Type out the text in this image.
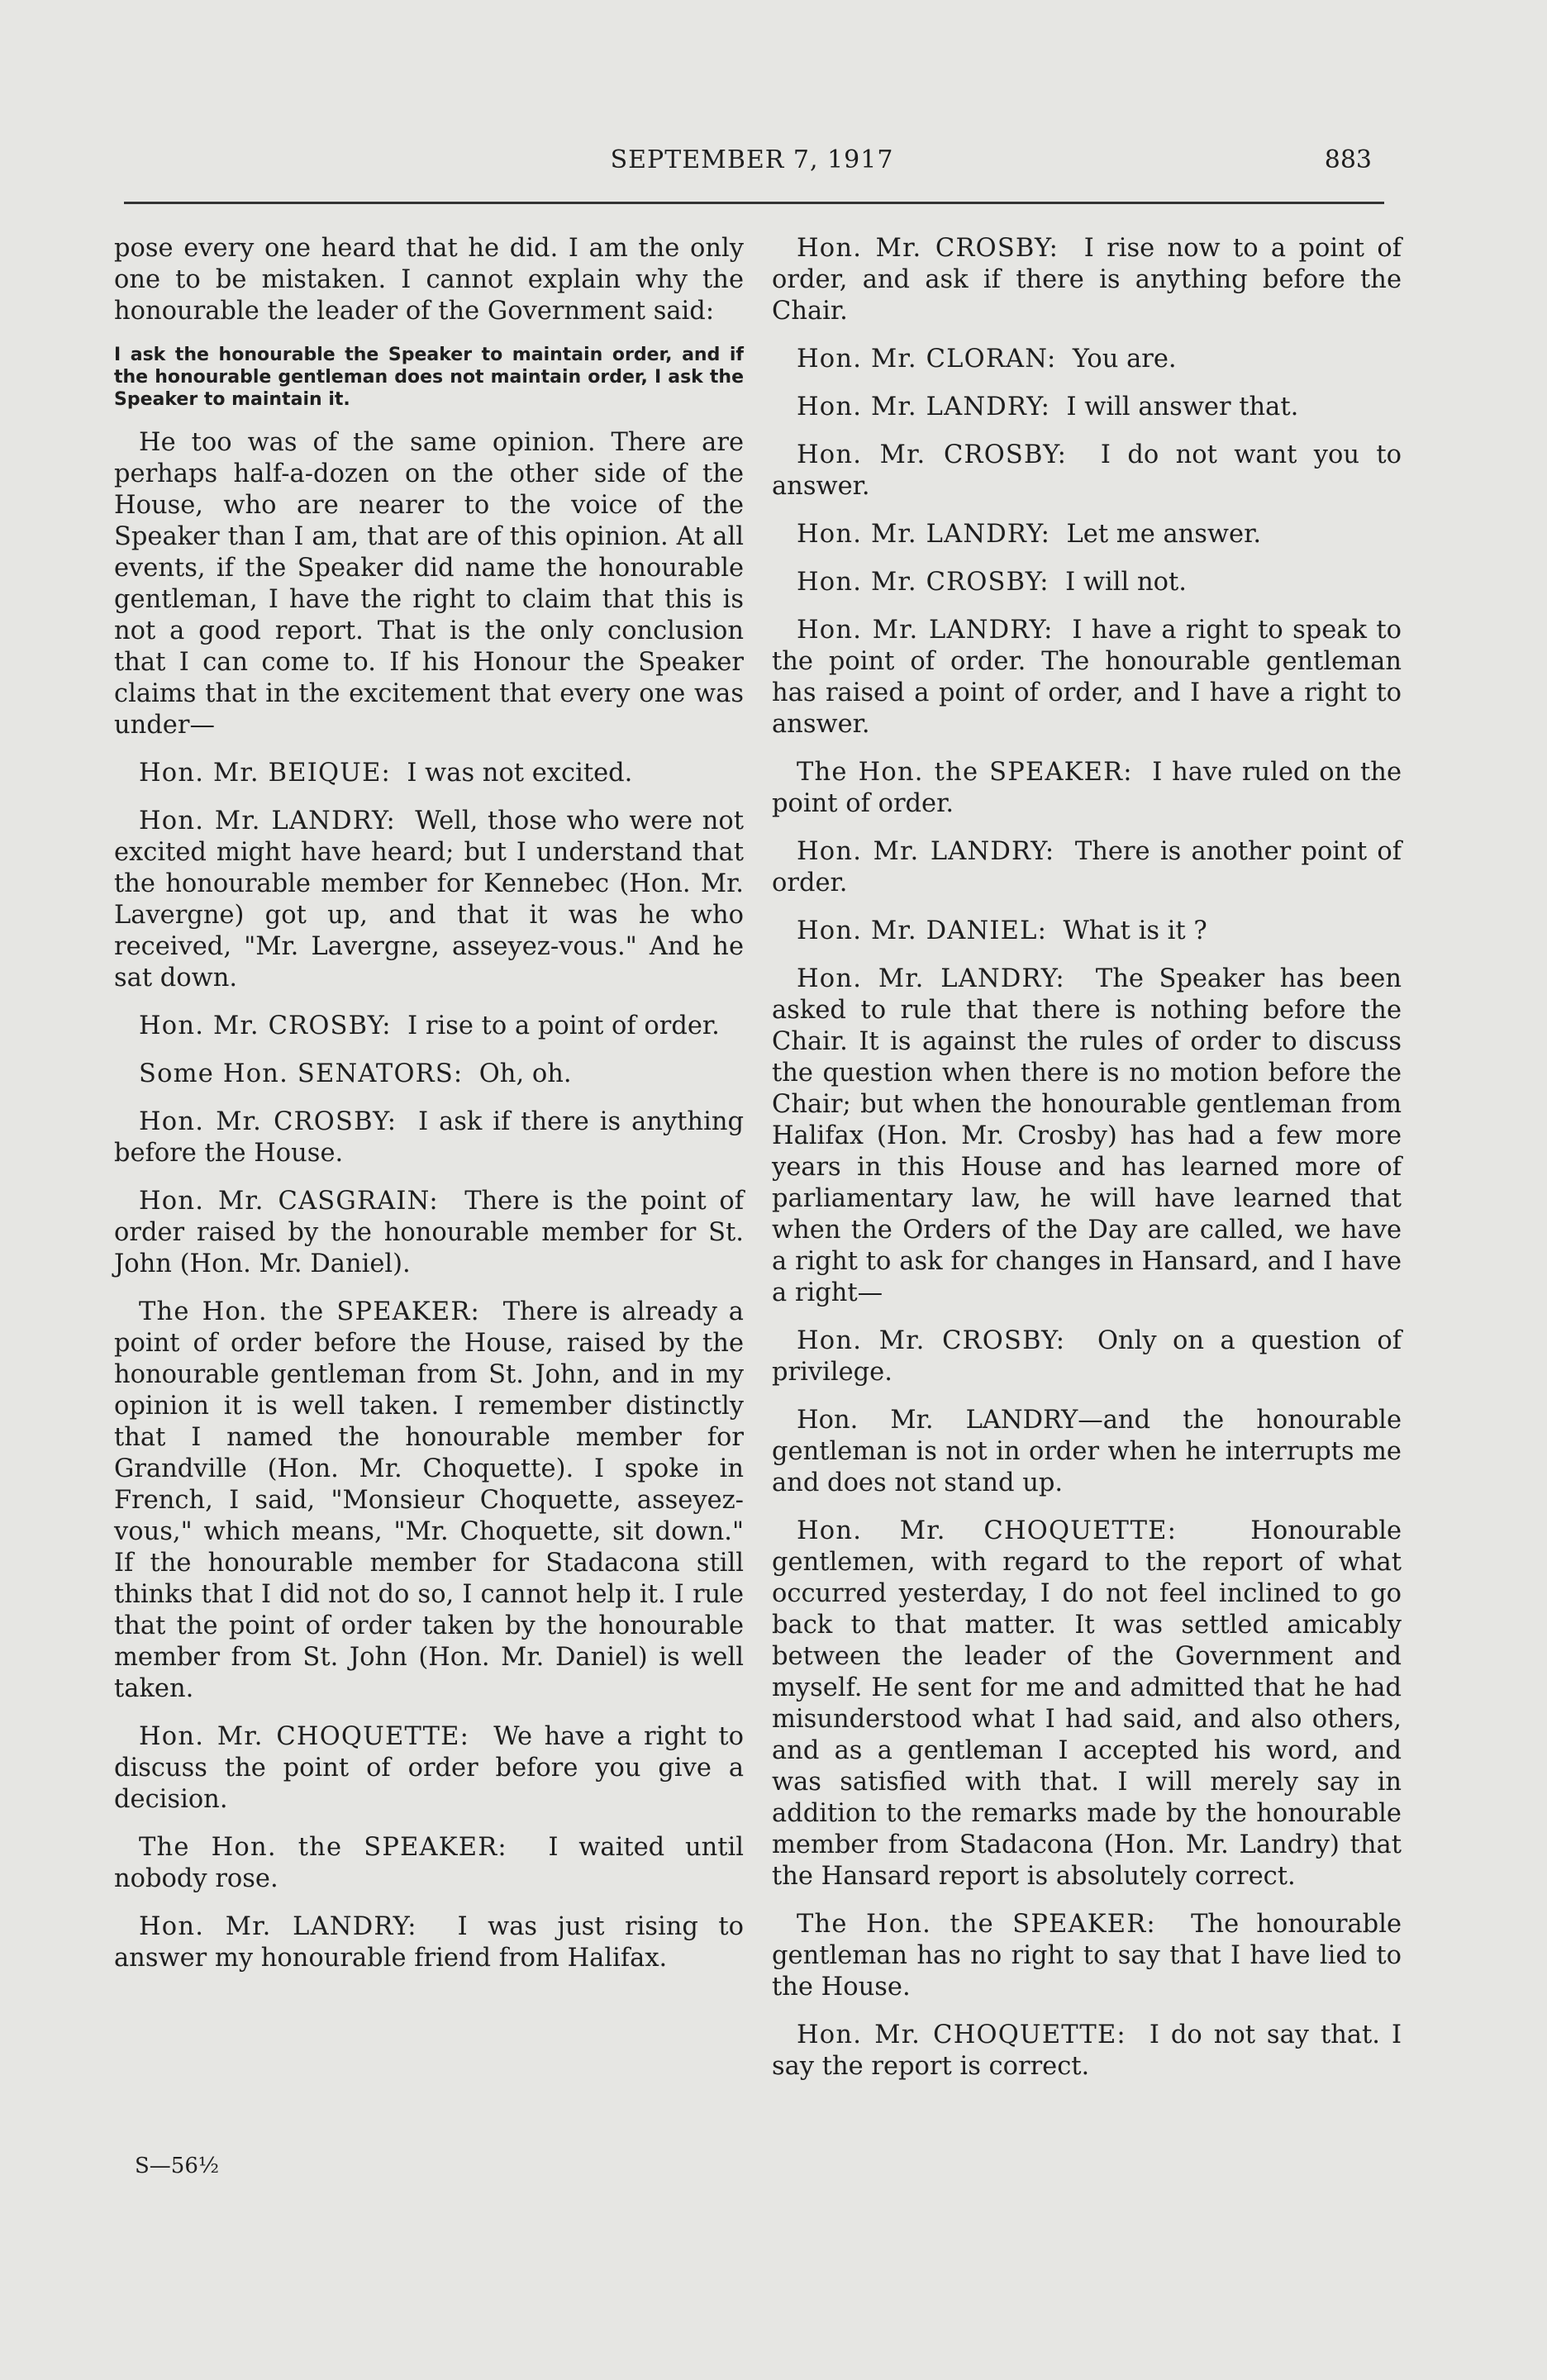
SEPTEMBER 7, 1917	883

pose every one heard that he did. I am the only one to be mistaken. I cannot explain why the honourable the leader of the Government said:

I ask the honourable the Speaker to maintain order, and if the honourable gentleman does not maintain order, I ask the Speaker to maintain it.

He too was of the same opinion. There are perhaps half-a-dozen on the other side of the House, who are nearer to the voice of the Speaker than I am, that are of this opinion. At all events, if the Speaker did name the honourable gentleman, I have the right to claim that this is not a good report. That is the only conclusion that I can come to. If his Honour the Speaker claims that in the excitement that every one was under—

Hon. Mr. BEIQUE: I was not excited.

Hon. Mr. LANDRY: Well, those who were not excited might have heard; but I understand that the honourable member for Kennebec (Hon. Mr. Lavergne) got up, and that it was he who received, "Mr. Lavergne, asseyez-vous." And he sat down.

Hon. Mr. CROSBY: I rise to a point of order.

Some Hon. SENATORS: Oh, oh.

Hon. Mr. CROSBY: I ask if there is anything before the House.

Hon. Mr. CASGRAIN: There is the point of order raised by the honourable member for St. John (Hon. Mr. Daniel).

The Hon. the SPEAKER: There is already a point of order before the House, raised by the honourable gentleman from St. John, and in my opinion it is well taken. I remember distinctly that I named the honourable member for Grandville (Hon. Mr. Choquette). I spoke in French, I said, "Monsieur Choquette, asseyez-vous," which means, "Mr. Choquette, sit down." If the honourable member for Stadacona still thinks that I did not do so, I cannot help it. I rule that the point of order taken by the honourable member from St. John (Hon. Mr. Daniel) is well taken.

Hon. Mr. CHOQUETTE: We have a right to discuss the point of order before you give a decision.

The Hon. the SPEAKER: I waited until nobody rose.

Hon. Mr. LANDRY: I was just rising to answer my honourable friend from Halifax.

Hon. Mr. CROSBY: I rise now to a point of order, and ask if there is anything before the Chair.

Hon. Mr. CLORAN: You are.

Hon. Mr. LANDRY: I will answer that.

Hon. Mr. CROSBY: I do not want you to answer.

Hon. Mr. LANDRY: Let me answer.

Hon. Mr. CROSBY: I will not.

Hon. Mr. LANDRY: I have a right to speak to the point of order. The honourable gentleman has raised a point of order, and I have a right to answer.

The Hon. the SPEAKER: I have ruled on the point of order.

Hon. Mr. LANDRY: There is another point of order.

Hon. Mr. DANIEL: What is it ?

Hon. Mr. LANDRY: The Speaker has been asked to rule that there is nothing before the Chair. It is against the rules of order to discuss the question when there is no motion before the Chair; but when the honourable gentleman from Halifax (Hon. Mr. Crosby) has had a few more years in this House and has learned more of parliamentary law, he will have learned that when the Orders of the Day are called, we have a right to ask for changes in Hansard, and I have a right—

Hon. Mr. CROSBY: Only on a question of privilege.

Hon. Mr. LANDRY—and the honourable gentleman is not in order when he interrupts me and does not stand up.

Hon. Mr. CHOQUETTE:	Honourable gentlemen, with regard to the report of what occurred yesterday, I do not feel inclined to go back to that matter. It was settled amicably between the leader of the Government and myself. He sent for me and admitted that he had misunderstood what I had said, and also others, and as a gentleman I accepted his word, and was satisfied with that. I will merely say in addition to the remarks made by the honourable member from Stadacona (Hon. Mr. Landry) that the Hansard report is absolutely correct.

The Hon. the SPEAKER: The honourable gentleman has no right to say that I have lied to the House.

Hon. Mr. CHOQUETTE: I do not say that. I say the report is correct.

S—56½
